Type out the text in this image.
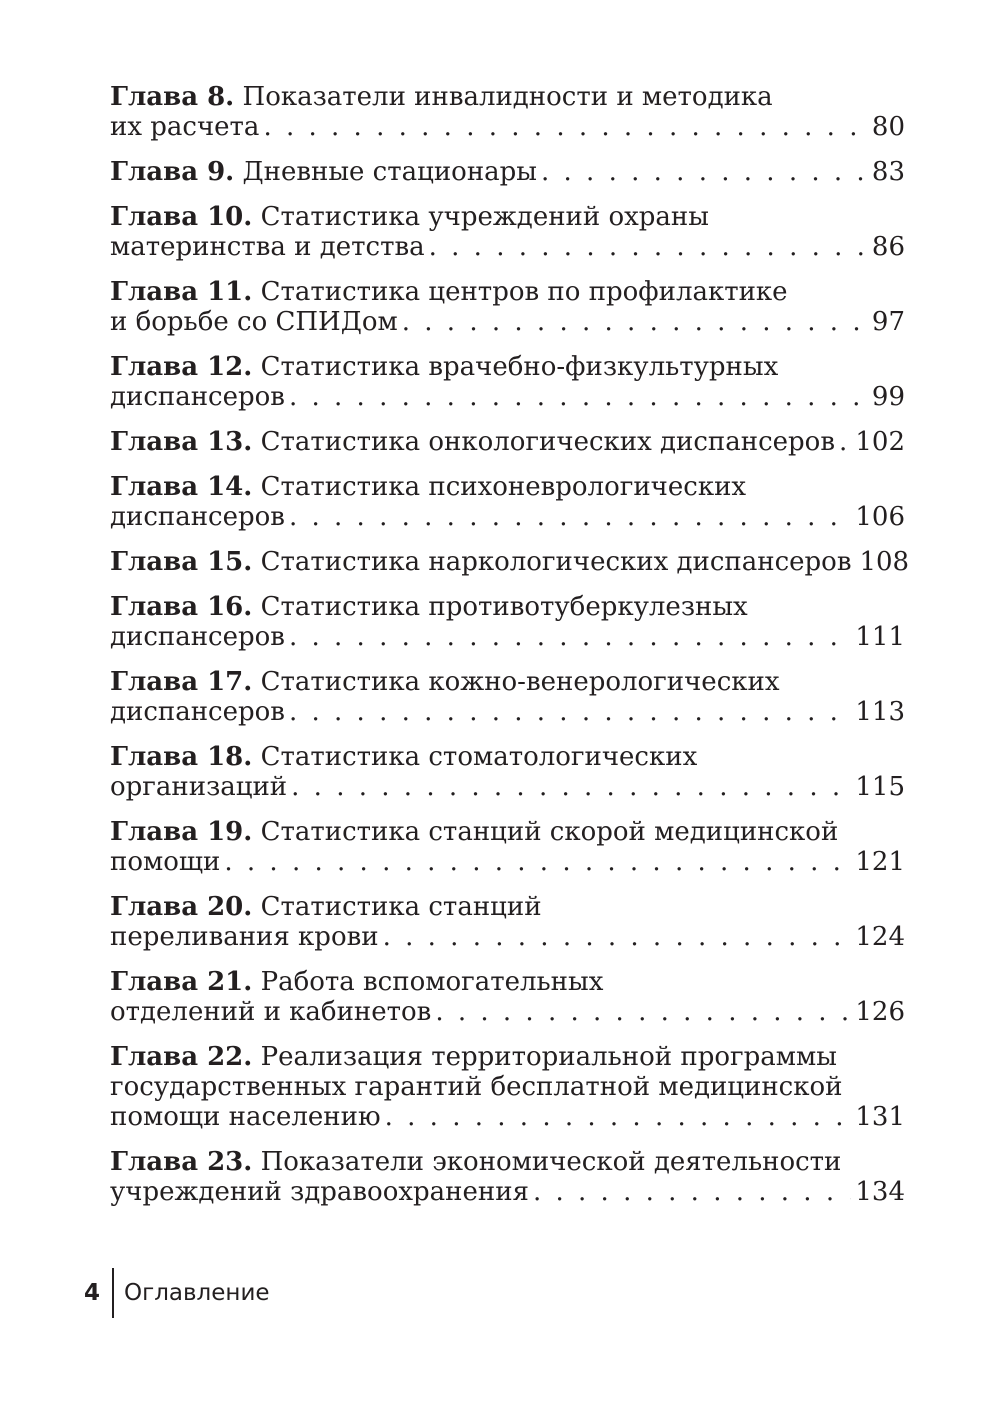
Глава 8. Показатели инвалидности и методика
их расчета . . .	80
Глава 9. Дневные стационары . . .	83
Глава 10. Статистика учреждений охраны
материнства и детства . . .	86
Глава 11. Статистика центров по профилактике
и борьбе со СПИДом . . .	97
Глава 12. Статистика врачебно-физкультурных
диспансеров . . .	99
Глава 13. Статистика онкологических диспансеров . . . 102
Глава 14. Статистика психоневрологических
диспансеров . . .	106
Глава 15. Статистика наркологических диспансеров 108
Глава 16. Статистика противотуберкулезных
диспансеров . . .	111
Глава 17. Статистика кожно-венерологических
диспансеров . . .	113
Глава 18. Статистика стоматологических
организаций . . .	115
Глава 19. Статистика станций скорой медицинской
помощи . . .	121
Глава 20. Статистика станций
переливания крови . . .	124
Глава 21. Работа вспомогательных
отделений и кабинетов . . .	126
Глава 22. Реализация территориальной программы
государственных гарантий бесплатной медицинской
помощи населению . . .	131
Глава 23. Показатели экономической деятельности
учреждений здравоохранения . . .	134
4 Оглавление
